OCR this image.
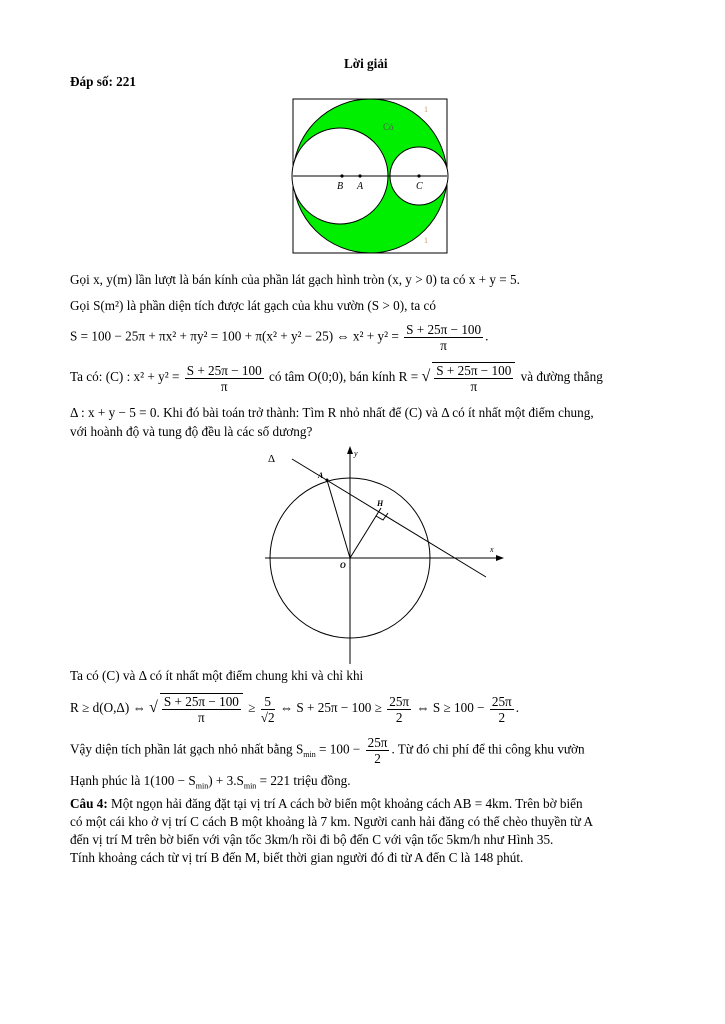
Lời giải
Đáp số: 221
Cỏ
B A	C
1
1
Gọi x, y(m) lần lượt là bán kính của phần lát gạch hình tròn (x, y > 0) ta có x + y = 5.
Gọi S(m²) là phần diện tích được lát gạch của khu vườn (S > 0), ta có
S = 100 − 25π + πx² + πy² = 100 + π(x² + y² − 25) ⇔ $x^2 + y^2 = \frac{S + 25\pi - 100}{\pi}$ .
Ta có: (C) : $x^2 + y^2 = \frac{S + 25\pi - 100}{\pi}$ có tâm O(0;0), bán kính R = √ $\frac{S + 25\pi - 100}{\pi}$ và đường thẳng
Δ : x + y − 5 = 0. Khi đó bài toán trở thành: Tìm R nhỏ nhất để (C) và Δ có ít nhất một điểm chung,
với hoành độ và tung độ đều là các số dương?
Δ	y
A
H
x
O
Ta có (C) và Δ có ít nhất một điểm chung khi và chỉ khi
R ≥ d(O,Δ) ⇔ √ $\frac{S + 25\pi - 100}{\pi} \ge \frac{5}{√2}$ ⇔ $S + 25\pi - 100 \ge \frac{25\pi}{2}$ ⇔ $S \ge 100 - \frac{25\pi}{2}$ .
Vậy diện tích phần lát gạch nhỏ nhất bằng $S_{min} = 100 - \frac{25\pi}{2}$ . Từ đó chi phí để thi công khu vườn
Hạnh phúc là $1(100 - S_{min}) + 3.S_{min} = 221$ triệu đồng.
Câu 4: Một ngọn hải đăng đặt tại vị trí A cách bờ biển một khoảng cách AB = 4km. Trên bờ biển
có một cái kho ở vị trí C cách B một khoảng là 7 km. Người canh hải đăng có thể chèo thuyền từ A
đến vị trí M trên bờ biển với vận tốc 3km/h rồi đi bộ đến C với vận tốc 5km/h như Hình 35.
Tính khoảng cách từ vị trí B đến M, biết thời gian người đó đi từ A đến C là 148 phút.
